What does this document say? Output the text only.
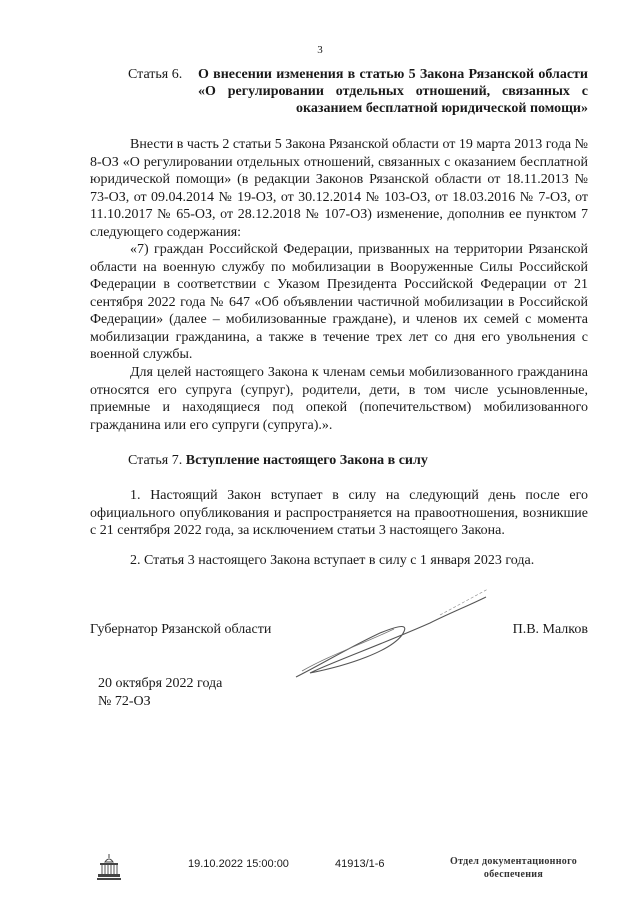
3
Статья 6. О внесении изменения в статью 5 Закона Рязанской области «О регулировании отдельных отношений, связанных с оказанием бесплатной юридической помощи»

Внести в часть 2 статьи 5 Закона Рязанской области от 19 марта 2013 года № 8-ОЗ «О регулировании отдельных отношений, связанных с оказанием бесплатной юридической помощи» (в редакции Законов Рязанской области от 18.11.2013 № 73-ОЗ, от 09.04.2014 № 19-ОЗ, от 30.12.2014 № 103-ОЗ, от 18.03.2016 № 7-ОЗ, от 11.10.2017 № 65-ОЗ, от 28.12.2018 № 107-ОЗ) изменение, дополнив ее пунктом 7 следующего содержания:

«7) граждан Российской Федерации, призванных на территории Рязанской области на военную службу по мобилизации в Вооруженные Силы Российской Федерации в соответствии с Указом Президента Российской Федерации от 21 сентября 2022 года № 647 «Об объявлении частичной мобилизации в Российской Федерации» (далее – мобилизованные граждане), и членов их семей с момента мобилизации гражданина, а также в течение трех лет со дня его увольнения с военной службы.

Для целей настоящего Закона к членам семьи мобилизованного гражданина относятся его супруга (супруг), родители, дети, в том числе усыновленные, приемные и находящиеся под опекой (попечительством) мобилизованного гражданина или его супруги (супруга).».

Статья 7. Вступление настоящего Закона в силу

1. Настоящий Закон вступает в силу на следующий день после его официального опубликования и распространяется на правоотношения, возникшие с 21 сентября 2022 года, за исключением статьи 3 настоящего Закона.

2. Статья 3 настоящего Закона вступает в силу с 1 января 2023 года.

Губернатор Рязанской области	П.В. Малков
20 октября 2022 года
№ 72-ОЗ
19.10.2022 15:00:00	41913/1-6	Отдел документационного
обеспечения
